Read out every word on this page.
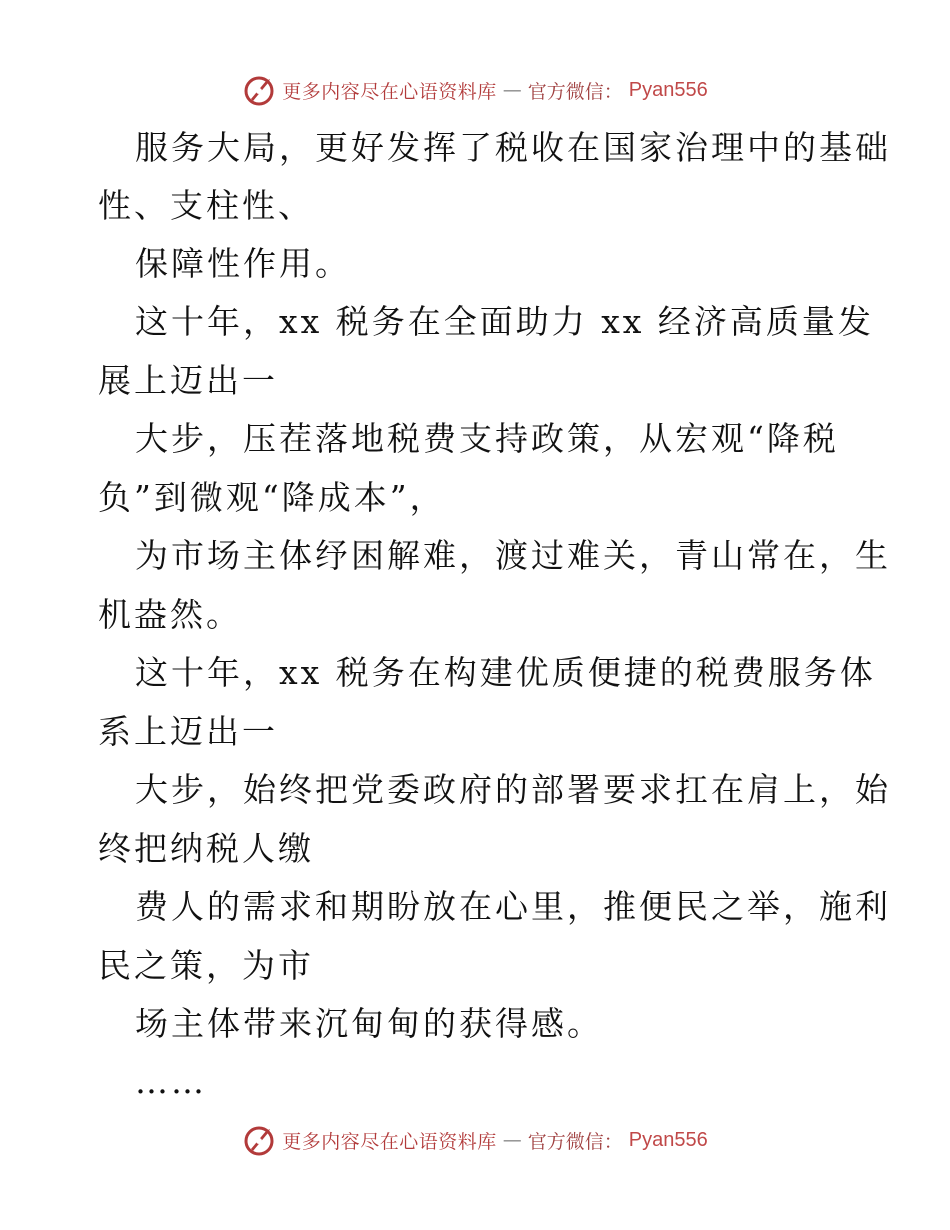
更多内容尽在心语资料库 — 官方微信： Pyan556
服务大局，更好发挥了税收在国家治理中的基础
性、支柱性、
保障性作用。
这十年，xx 税务在全面助力 xx 经济高质量发
展上迈出一
大步，压茬落地税费支持政策，从宏观“降税
负”到微观“降成本”，
为市场主体纾困解难，渡过难关，青山常在，生
机盎然。
这十年，xx 税务在构建优质便捷的税费服务体
系上迈出一
大步，始终把党委政府的部署要求扛在肩上，始
终把纳税人缴
费人的需求和期盼放在心里，推便民之举，施利
民之策，为市
场主体带来沉甸甸的获得感。
……
更多内容尽在心语资料库 — 官方微信： Pyan556
